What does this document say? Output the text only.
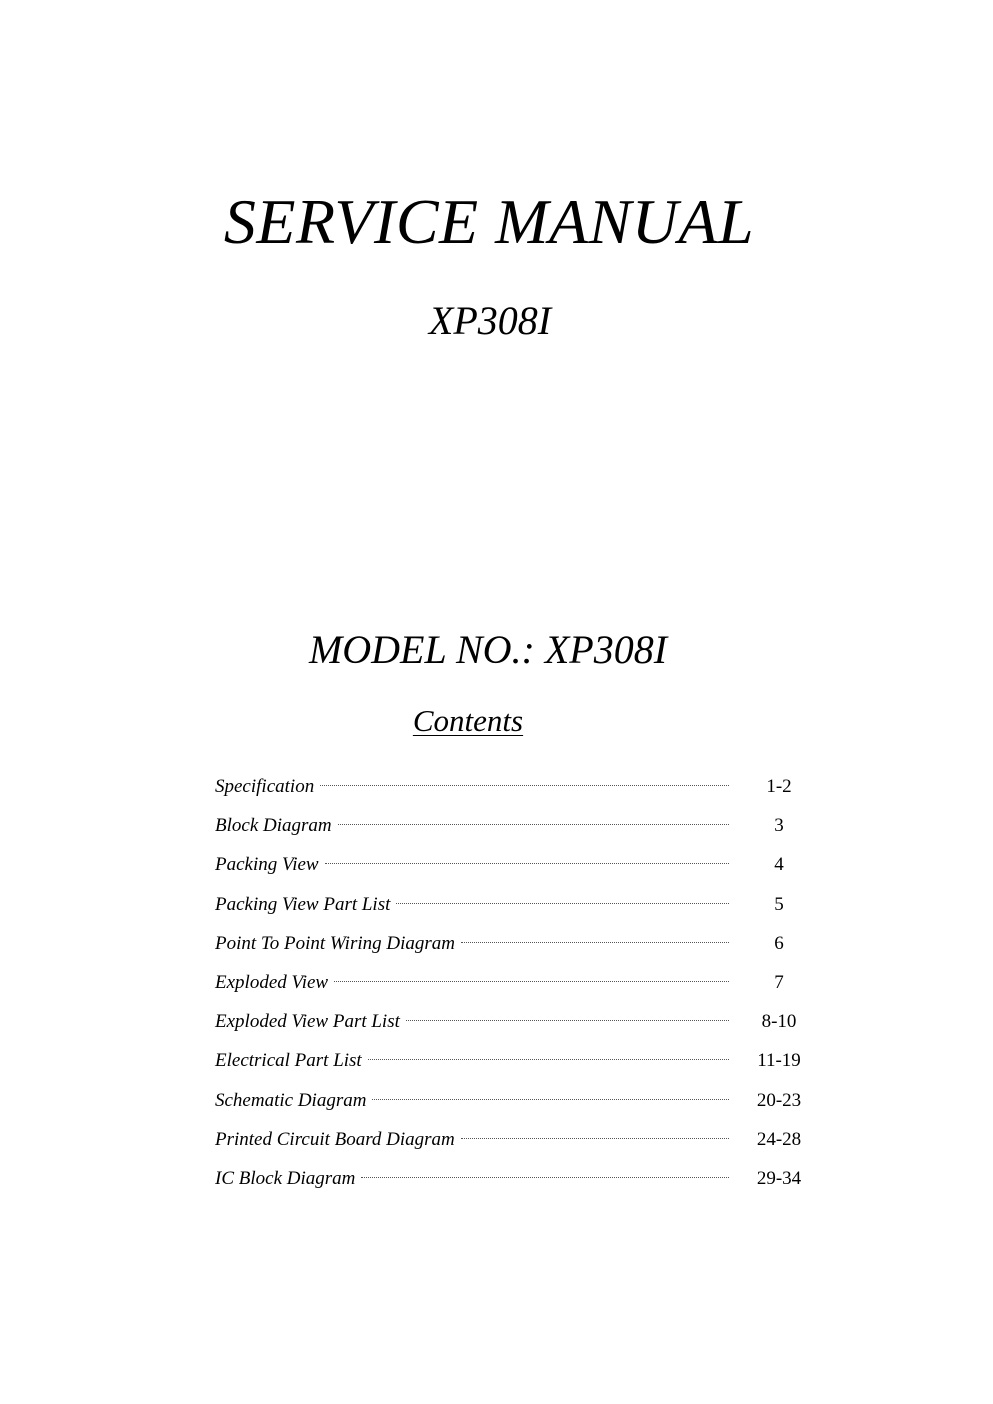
SERVICE MANUAL
XP308I
MODEL NO.: XP308I
Contents
Specification	1-2
Block Diagram	3
Packing View	4
Packing View Part List	5
Point To Point Wiring Diagram	6
Exploded View	7
Exploded View Part List	8-10
Electrical Part List	11-19
Schematic Diagram	20-23
Printed Circuit Board Diagram	24-28
IC Block Diagram	29-34
